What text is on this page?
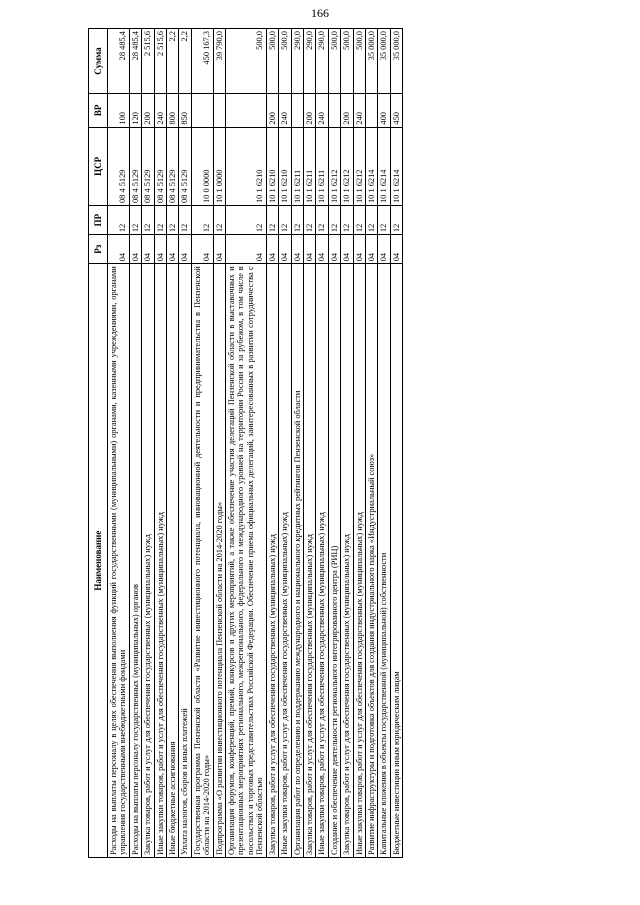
166
Наименование	Рз	ПР	ЦСР	ВР	Сумма
Расходы на выплаты персоналу в целях обеспечения выполнения функций государственными (муниципальными) органами, казенными учреждениями, органами управления государственными внебюджетными фондами	04	12	08 4 5129	100	28 485,4
Расходы на выплаты персоналу государственных (муниципальных) органов	04	12	08 4 5129	120	28 485,4
Закупка товаров, работ и услуг для обеспечения государственных (муниципальных) нужд	04	12	08 4 5129	200	2 515,6
Иные закупки товаров, работ и услуг для обеспечения государственных (муниципальных) нужд	04	12	08 4 5129	240	2 515,6
Иные бюджетные ассигнования	04	12	08 4 5129	800	2,2
Уплата налогов, сборов и иных платежей	04	12	08 4 5129	850	2,2
Государственная программа Пензенской области «Развитие инвестиционного потенциала, инновационной деятельности и предпринимательства в Пензенской области на 2014-2020 годы»	04	12	10 0 0000		450 167,3
Подпрограмма «О развитии инвестиционного потенциала Пензенской области на 2014-2020 годы»	04	12	10 1 0000		39 790,0
Организация форумов, конференций, премий, конкурсов и других мероприятий, а также обеспечение участия делегаций Пензенской области в выставочных и презентационных мероприятиях регионального, межрегионального, федерального и международного уровней на территории России и за рубежом, в том числе в посольствах и торговых представительствах Российской Федерации. Обеспечение приема официальных делегаций, заинтересованных в развитии сотрудничества с Пензенской областью	04	12	10 1 6210		500,0
Закупка товаров, работ и услуг для обеспечения государственных (муниципальных) нужд	04	12	10 1 6210	200	500,0
Иные закупки товаров, работ и услуг для обеспечения государственных (муниципальных) нужд	04	12	10 1 6210	240	500,0
Организация работ по определению и поддержанию международного и национального кредитных рейтингов Пензенской области	04	12	10 1 6211		290,0
Закупка товаров, работ и услуг для обеспечения государственных (муниципальных) нужд	04	12	10 1 6211	200	290,0
Иные закупки товаров, работ и услуг для обеспечения государственных (муниципальных) нужд	04	12	10 1 6211	240	290,0
Создание и обеспечение деятельности регионального интегрированного центра (РИЦ)	04	12	10 1 6212		500,0
Закупка товаров, работ и услуг для обеспечения государственных (муниципальных) нужд	04	12	10 1 6212	200	500,0
Иные закупки товаров, работ и услуг для обеспечения государственных (муниципальных) нужд	04	12	10 1 6212	240	500,0
Развитие инфраструктуры и подготовка объектов для создания индустриального парка «Индустриальный союз»	04	12	10 1 6214		35 000,0
Капитальные вложения в объекты государственной (муниципальной) собственности	04	12	10 1 6214	400	35 000,0
Бюджетные инвестиции иным юридическим лицам	04	12	10 1 6214	450	35 000,0
